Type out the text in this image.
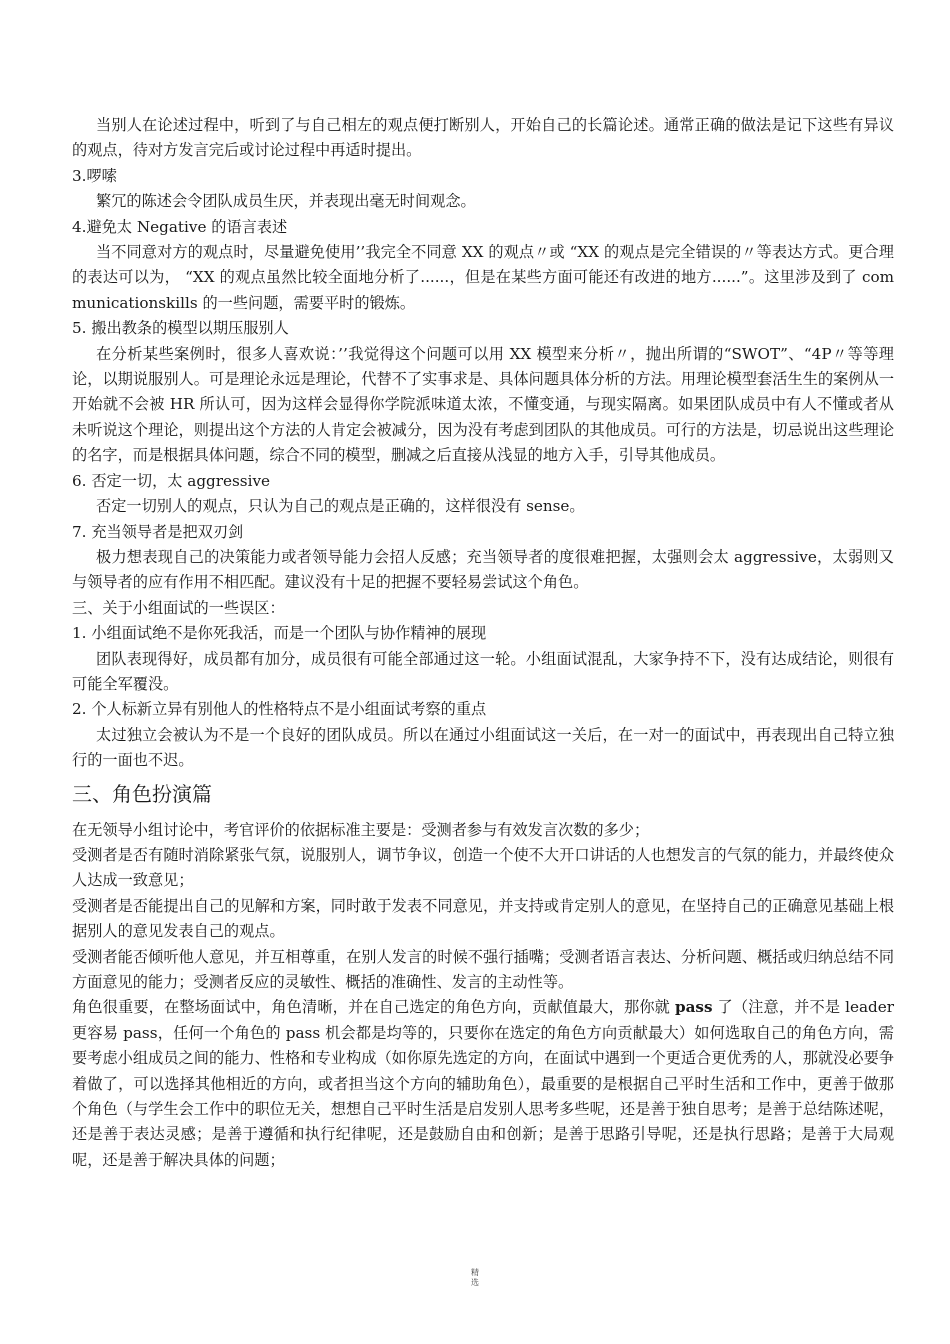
当别人在论述过程中，听到了与自己相左的观点便打断别人，开始自己的长篇论述。通常正确的做法是记下这些有异议的观点，待对方发言完后或讨论过程中再适时提出。

3.啰嗦

繁冗的陈述会令团队成员生厌，并表现出毫无时间观念。

4.避免太 Negative 的语言表述

当不同意对方的观点时，尽量避免使用’’我完全不同意 XX 的观点〃或 “XX 的观点是完全错误的〃等表达方式。更合理的表达可以为， “XX 的观点虽然比较全面地分析了......，但是在某些方面可能还有改进的地方......”。这里涉及到了 communicationskills 的一些问题，需要平时的锻炼。

5. 搬出教条的模型以期压服别人

在分析某些案例时，很多人喜欢说：’’我觉得这个问题可以用 XX 模型来分析〃，抛出所谓的“SWOT”、“4P〃等等理论，以期说服别人。可是理论永远是理论，代替不了实事求是、具体问题具体分析的方法。用理论模型套活生生的案例从一开始就不会被 HR 所认可，因为这样会显得你学院派味道太浓，不懂变通，与现实隔离。如果团队成员中有人不懂或者从未听说这个理论，则提出这个方法的人肯定会被减分，因为没有考虑到团队的其他成员。可行的方法是，切忌说出这些理论的名字，而是根据具体问题，综合不同的模型，删减之后直接从浅显的地方入手，引导其他成员。

6. 否定一切，太 aggressive

否定一切别人的观点，只认为自己的观点是正确的，这样很没有 sense。

7. 充当领导者是把双刃剑

极力想表现自己的决策能力或者领导能力会招人反感；充当领导者的度很难把握，太强则会太 aggressive，太弱则又与领导者的应有作用不相匹配。建议没有十足的把握不要轻易尝试这个角色。

三、关于小组面试的一些误区：

1. 小组面试绝不是你死我活，而是一个团队与协作精神的展现

团队表现得好，成员都有加分，成员很有可能全部通过这一轮。小组面试混乱，大家争持不下，没有达成结论，则很有可能全军覆没。

2. 个人标新立异有别他人的性格特点不是小组面试考察的重点

太过独立会被认为不是一个良好的团队成员。所以在通过小组面试这一关后，在一对一的面试中，再表现出自己特立独行的一面也不迟。

三、角色扮演篇

在无领导小组讨论中，考官评价的依据标准主要是：受测者参与有效发言次数的多少；

受测者是否有随时消除紧张气氛，说服别人，调节争议，创造一个使不大开口讲话的人也想发言的气氛的能力，并最终使众人达成一致意见；

受测者是否能提出自己的见解和方案，同时敢于发表不同意见，并支持或肯定别人的意见，在坚持自己的正确意见基础上根据别人的意见发表自己的观点。

受测者能否倾听他人意见，并互相尊重，在别人发言的时候不强行插嘴；受测者语言表达、分析问题、概括或归纳总结不同方面意见的能力；受测者反应的灵敏性、概括的准确性、发言的主动性等。

角色很重要，在整场面试中，角色清晰，并在自己选定的角色方向，贡献值最大，那你就 pass 了（注意，并不是 leader 更容易 pass，任何一个角色的 pass 机会都是均等的，只要你在选定的角色方向贡献最大）如何选取自己的角色方向，需要考虑小组成员之间的能力、性格和专业构成（如你原先选定的方向，在面试中遇到一个更适合更优秀的人，那就没必要争着做了，可以选择其他相近的方向，或者担当这个方向的辅助角色），最重要的是根据自己平时生活和工作中，更善于做那个角色（与学生会工作中的职位无关，想想自己平时生活是启发别人思考多些呢，还是善于独自思考；是善于总结陈述呢，还是善于表达灵感；是善于遵循和执行纪律呢，还是鼓励自由和创新；是善于思路引导呢，还是执行思路；是善于大局观呢，还是善于解决具体的问题；

精
选
